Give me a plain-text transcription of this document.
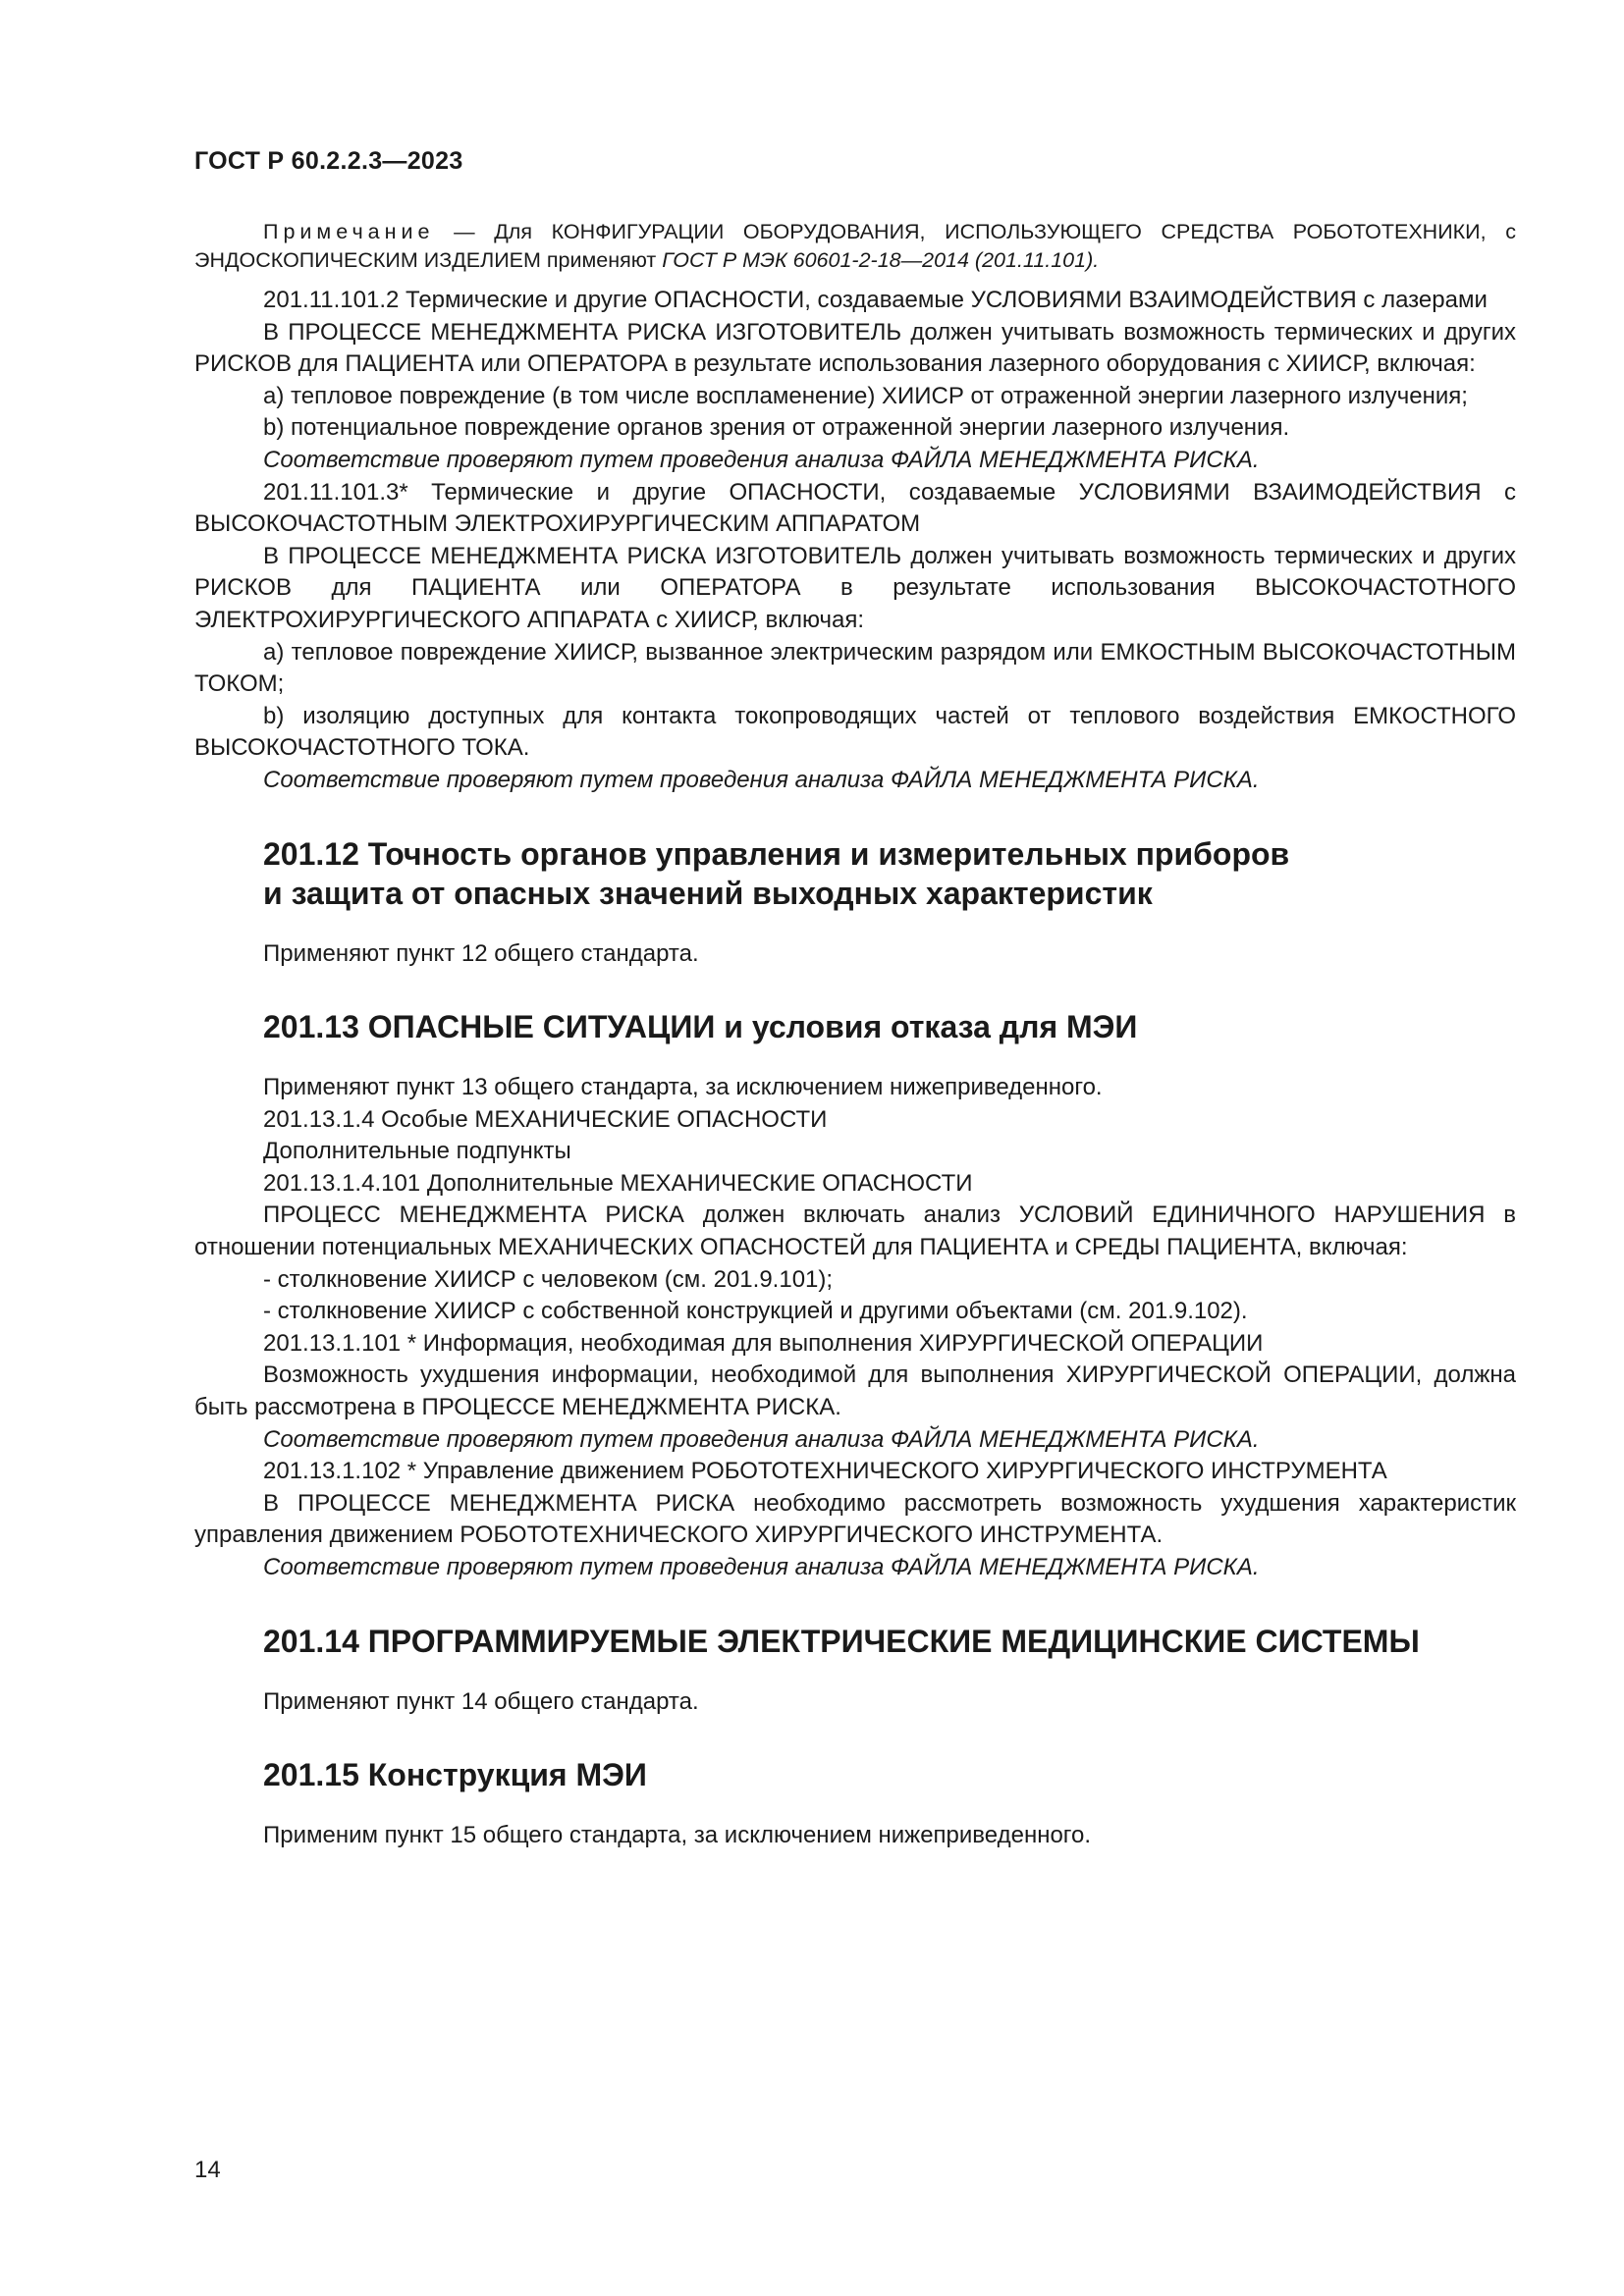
ГОСТ Р 60.2.2.3—2023

Примечание — Для КОНФИГУРАЦИИ ОБОРУДОВАНИЯ, ИСПОЛЬЗУЮЩЕГО СРЕДСТВА РОБОТОТЕХНИКИ, с ЭНДОСКОПИЧЕСКИМ ИЗДЕЛИЕМ применяют ГОСТ Р МЭК 60601-2-18—2014 (201.11.101).

201.11.101.2 Термические и другие ОПАСНОСТИ, создаваемые УСЛОВИЯМИ ВЗАИМОДЕЙСТВИЯ с лазерами

В ПРОЦЕССЕ МЕНЕДЖМЕНТА РИСКА ИЗГОТОВИТЕЛЬ должен учитывать возможность термических и других РИСКОВ для ПАЦИЕНТА или ОПЕРАТОРА в результате использования лазерного оборудования с ХИИСР, включая:

a) тепловое повреждение (в том числе воспламенение) ХИИСР от отраженной энергии лазерного излучения;

b) потенциальное повреждение органов зрения от отраженной энергии лазерного излучения.

Соответствие проверяют путем проведения анализа ФАЙЛА МЕНЕДЖМЕНТА РИСКА.

201.11.101.3* Термические и другие ОПАСНОСТИ, создаваемые УСЛОВИЯМИ ВЗАИМОДЕЙСТВИЯ с ВЫСОКОЧАСТОТНЫМ ЭЛЕКТРОХИРУРГИЧЕСКИМ АППАРАТОМ

В ПРОЦЕССЕ МЕНЕДЖМЕНТА РИСКА ИЗГОТОВИТЕЛЬ должен учитывать возможность термических и других РИСКОВ для ПАЦИЕНТА или ОПЕРАТОРА в результате использования ВЫСОКОЧАСТОТНОГО ЭЛЕКТРОХИРУРГИЧЕСКОГО АППАРАТА с ХИИСР, включая:

a) тепловое повреждение ХИИСР, вызванное электрическим разрядом или ЕМКОСТНЫМ ВЫСОКОЧАСТОТНЫМ ТОКОМ;

b) изоляцию доступных для контакта токопроводящих частей от теплового воздействия ЕМКОСТНОГО ВЫСОКОЧАСТОТНОГО ТОКА.

Соответствие проверяют путем проведения анализа ФАЙЛА МЕНЕДЖМЕНТА РИСКА.

201.12 Точность органов управления и измерительных приборов
и защита от опасных значений выходных характеристик

Применяют пункт 12 общего стандарта.

201.13 ОПАСНЫЕ СИТУАЦИИ и условия отказа для МЭИ

Применяют пункт 13 общего стандарта, за исключением нижеприведенного.

201.13.1.4 Особые МЕХАНИЧЕСКИЕ ОПАСНОСТИ

Дополнительные подпункты

201.13.1.4.101 Дополнительные МЕХАНИЧЕСКИЕ ОПАСНОСТИ

ПРОЦЕСС МЕНЕДЖМЕНТА РИСКА должен включать анализ УСЛОВИЙ ЕДИНИЧНОГО НАРУШЕНИЯ в отношении потенциальных МЕХАНИЧЕСКИХ ОПАСНОСТЕЙ для ПАЦИЕНТА и СРЕДЫ ПАЦИЕНТА, включая:

- столкновение ХИИСР с человеком (см. 201.9.101);

- столкновение ХИИСР с собственной конструкцией и другими объектами (см. 201.9.102).

201.13.1.101 * Информация, необходимая для выполнения ХИРУРГИЧЕСКОЙ ОПЕРАЦИИ

Возможность ухудшения информации, необходимой для выполнения ХИРУРГИЧЕСКОЙ ОПЕРАЦИИ, должна быть рассмотрена в ПРОЦЕССЕ МЕНЕДЖМЕНТА РИСКА.

Соответствие проверяют путем проведения анализа ФАЙЛА МЕНЕДЖМЕНТА РИСКА.

201.13.1.102 * Управление движением РОБОТОТЕХНИЧЕСКОГО ХИРУРГИЧЕСКОГО ИНСТРУМЕНТА

В ПРОЦЕССЕ МЕНЕДЖМЕНТА РИСКА необходимо рассмотреть возможность ухудшения характеристик управления движением РОБОТОТЕХНИЧЕСКОГО ХИРУРГИЧЕСКОГО ИНСТРУМЕНТА.

Соответствие проверяют путем проведения анализа ФАЙЛА МЕНЕДЖМЕНТА РИСКА.

201.14 ПРОГРАММИРУЕМЫЕ ЭЛЕКТРИЧЕСКИЕ МЕДИЦИНСКИЕ СИСТЕМЫ

Применяют пункт 14 общего стандарта.

201.15 Конструкция МЭИ

Применим пункт 15 общего стандарта, за исключением нижеприведенного.

14
